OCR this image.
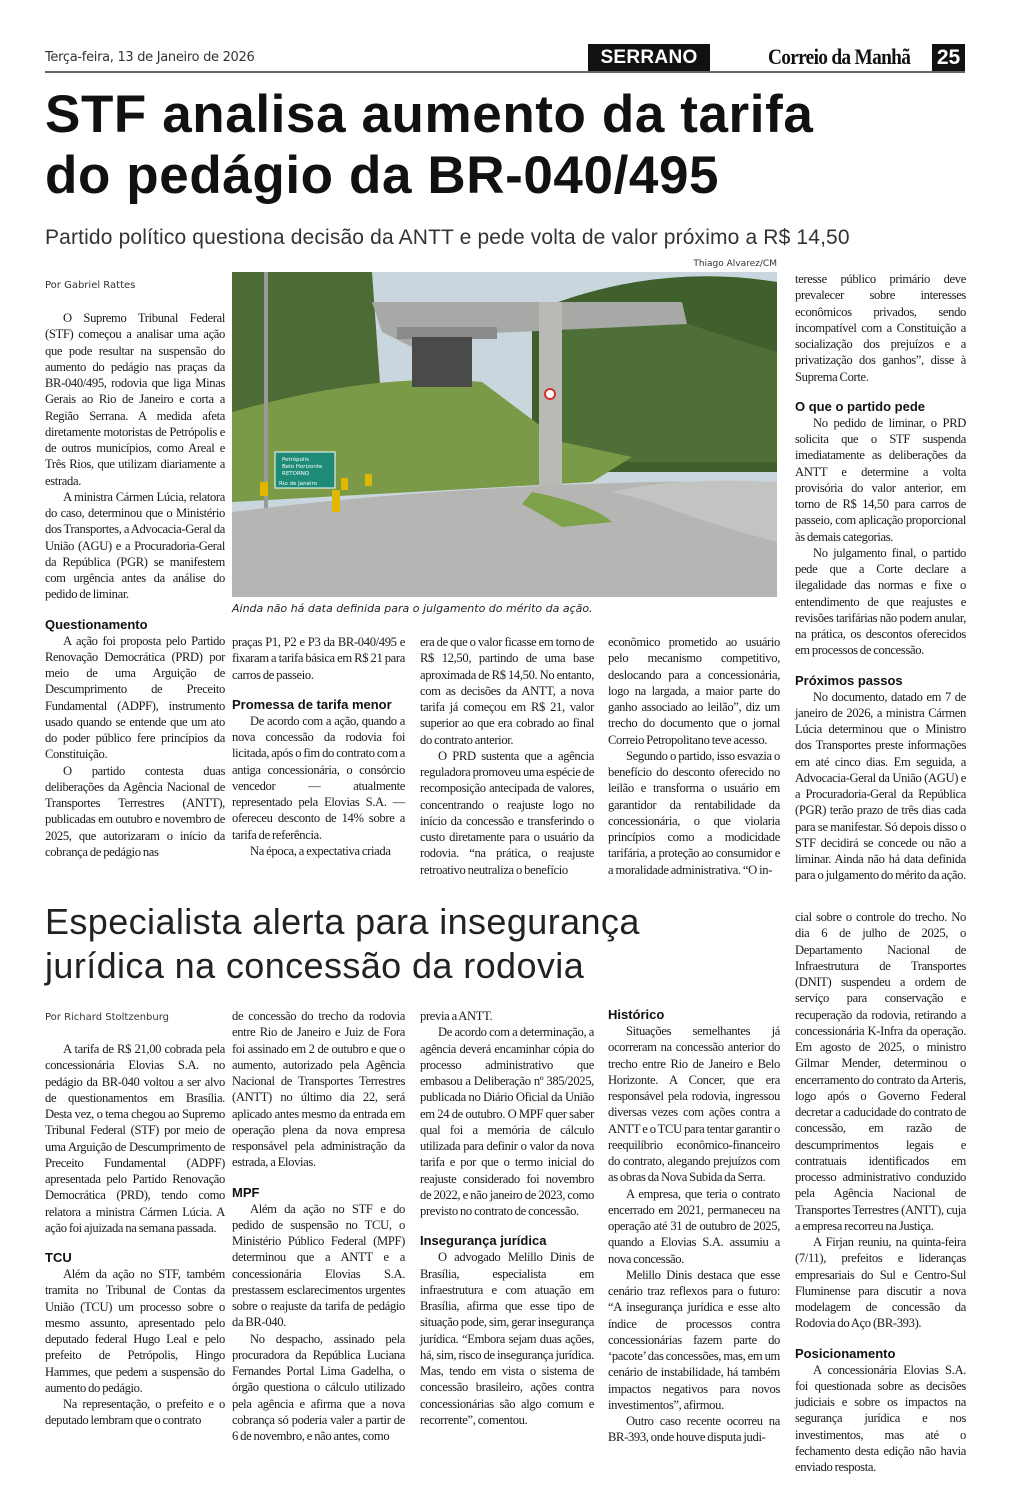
Terça-feira, 13 de Janeiro de 2026	SERRANO	Correio da Manhã 25
STF analisa aumento da tarifa
do pedágio da BR-040/495
Partido político questiona decisão da ANTT e pede volta de valor próximo a R$ 14,50
Por Gabriel Rattes
Thiago Alvarez/CM
Petrópolis
Belo Horizonte
RETORNO
Rio de Janeiro
Ainda não há data definida para o julgamento do mérito da ação.

O Supremo Tribunal Federal (STF) começou a analisar uma ação que pode resultar na suspensão do aumento do pedágio nas praças da BR-040/495, rodovia que liga Minas Gerais ao Rio de Janeiro e corta a Região Serrana. A medida afeta diretamente motoristas de Petrópolis e de outros municípios, como Areal e Três Rios, que utilizam diariamente a estrada.

A ministra Cármen Lúcia, relatora do caso, determinou que o Ministério dos Transportes, a Advocacia-Geral da União (AGU) e a Procuradoria-Geral da República (PGR) se manifestem com urgência antes da análise do pedido de liminar.

Questionamento

A ação foi proposta pelo Partido Renovação Democrática (PRD) por meio de uma Arguição de Descumprimento de Preceito Fundamental (ADPF), instrumento usado quando se entende que um ato do poder público fere princípios da Constituição.

O partido contesta duas deliberações da Agência Nacional de Transportes Terrestres (ANTT), publicadas em outubro e novembro de 2025, que autorizaram o início da cobrança de pedágio nas

praças P1, P2 e P3 da BR-040/495 e fixaram a tarifa básica em R$ 21 para carros de passeio.

Promessa de tarifa menor

De acordo com a ação, quando a nova concessão da rodovia foi licitada, após o fim do contrato com a antiga concessionária, o consórcio vencedor — atualmente representado pela Elovias S.A. — ofereceu desconto de 14% sobre a tarifa de referência.

Na época, a expectativa criada

era de que o valor ficasse em torno de R$ 12,50, partindo de uma base aproximada de R$ 14,50. No entanto, com as decisões da ANTT, a nova tarifa já começou em R$ 21, valor superior ao que era cobrado ao final do contrato anterior.

O PRD sustenta que a agência reguladora promoveu uma espécie de recomposição antecipada de valores, concentrando o reajuste logo no início da concessão e transferindo o custo diretamente para o usuário da rodovia. “na prática, o reajuste retroativo neutraliza o benefício

econômico prometido ao usuário pelo mecanismo competitivo, deslocando para a concessionária, logo na largada, a maior parte do ganho associado ao leilão”, diz um trecho do documento que o jornal Correio Petropolitano teve acesso.

Segundo o partido, isso esvazia o benefício do desconto oferecido no leilão e transforma o usuário em garantidor da rentabilidade da concessionária, o que violaria princípios como a modicidade tarifária, a proteção ao consumidor e a moralidade administrativa. “O in-

teresse público primário deve prevalecer sobre interesses econômicos privados, sendo incompatível com a Constituição a socialização dos prejuízos e a privatização dos ganhos”, disse à Suprema Corte.

O que o partido pede

No pedido de liminar, o PRD solicita que o STF suspenda imediatamente as deliberações da ANTT e determine a volta provisória do valor anterior, em torno de R$ 14,50 para carros de passeio, com aplicação proporcional às demais categorias.

No julgamento final, o partido pede que a Corte declare a ilegalidade das normas e fixe o entendimento de que reajustes e revisões tarifárias não podem anular, na prática, os descontos oferecidos em processos de concessão.

Próximos passos

No documento, datado em 7 de janeiro de 2026, a ministra Cármen Lúcia determinou que o Ministro dos Transportes preste informações em até cinco dias. Em seguida, a Advocacia-Geral da União (AGU) e a Procuradoria-Geral da República (PGR) terão prazo de três dias cada para se manifestar. Só depois disso o STF decidirá se concede ou não a liminar. Ainda não há data definida para o julgamento do mérito da ação.

Especialista alerta para insegurança
jurídica na concessão da rodovia
Por Richard Stoltzenburg

A tarifa de R$ 21,00 cobrada pela concessionária Elovias S.A. no pedágio da BR-040 voltou a ser alvo de questionamentos em Brasília. Desta vez, o tema chegou ao Supremo Tribunal Federal (STF) por meio de uma Arguição de Descumprimento de Preceito Fundamental (ADPF) apresentada pelo Partido Renovação Democrática (PRD), tendo como relatora a ministra Cármen Lúcia. A ação foi ajuizada na semana passada.

TCU

Além da ação no STF, também tramita no Tribunal de Contas da União (TCU) um processo sobre o mesmo assunto, apresentado pelo deputado federal Hugo Leal e pelo prefeito de Petrópolis, Hingo Hammes, que pedem a suspensão do aumento do pedágio.

Na representação, o prefeito e o deputado lembram que o contrato

de concessão do trecho da rodovia entre Rio de Janeiro e Juiz de Fora foi assinado em 2 de outubro e que o aumento, autorizado pela Agência Nacional de Transportes Terrestres (ANTT) no último dia 22, será aplicado antes mesmo da entrada em operação plena da nova empresa responsável pela administração da estrada, a Elovias.

MPF

Além da ação no STF e do pedido de suspensão no TCU, o Ministério Público Federal (MPF) determinou que a ANTT e a concessionária Elovias S.A. prestassem esclarecimentos urgentes sobre o reajuste da tarifa de pedágio da BR-040.

No despacho, assinado pela procuradora da República Luciana Fernandes Portal Lima Gadelha, o órgão questiona o cálculo utilizado pela agência e afirma que a nova cobrança só poderia valer a partir de 6 de novembro, e não antes, como

previa a ANTT.

De acordo com a determinação, a agência deverá encaminhar cópia do processo administrativo que embasou a Deliberação nº 385/2025, publicada no Diário Oficial da União em 24 de outubro. O MPF quer saber qual foi a memória de cálculo utilizada para definir o valor da nova tarifa e por que o termo inicial do reajuste considerado foi novembro de 2022, e não janeiro de 2023, como previsto no contrato de concessão.

Insegurança jurídica

O advogado Melillo Dinis de Brasília, especialista em infraestrutura e com atuação em Brasília, afirma que esse tipo de situação pode, sim, gerar insegurança jurídica. “Embora sejam duas ações, há, sim, risco de insegurança jurídica. Mas, tendo em vista o sistema de concessão brasileiro, ações contra concessionárias são algo comum e recorrente”, comentou.

Histórico

Situações semelhantes já ocorreram na concessão anterior do trecho entre Rio de Janeiro e Belo Horizonte. A Concer, que era responsável pela rodovia, ingressou diversas vezes com ações contra a ANTT e o TCU para tentar garantir o reequilíbrio econômico-financeiro do contrato, alegando prejuízos com as obras da Nova Subida da Serra.

A empresa, que teria o contrato encerrado em 2021, permaneceu na operação até 31 de outubro de 2025, quando a Elovias S.A. assumiu a nova concessão.

Melillo Dinis destaca que esse cenário traz reflexos para o futuro: “A insegurança jurídica e esse alto índice de processos contra concessionárias fazem parte do ‘pacote’ das concessões, mas, em um cenário de instabilidade, há também impactos negativos para novos investimentos”, afirmou.

Outro caso recente ocorreu na BR-393, onde houve disputa judi-

cial sobre o controle do trecho. No dia 6 de julho de 2025, o Departamento Nacional de Infraestrutura de Transportes (DNIT) suspendeu a ordem de serviço para conservação e recuperação da rodovia, retirando a concessionária K-Infra da operação. Em agosto de 2025, o ministro Gilmar Mender, determinou o encerramento do contrato da Arteris, logo após o Governo Federal decretar a caducidade do contrato de concessão, em razão de descumprimentos legais e contratuais identificados em processo administrativo conduzido pela Agência Nacional de Transportes Terrestres (ANTT), cuja a empresa recorreu na Justiça.

A Firjan reuniu, na quinta-feira (7/11), prefeitos e lideranças empresariais do Sul e Centro-Sul Fluminense para discutir a nova modelagem de concessão da Rodovia do Aço (BR-393).

Posicionamento

A concessionária Elovias S.A. foi questionada sobre as decisões judiciais e sobre os impactos na segurança jurídica e nos investimentos, mas até o fechamento desta edição não havia enviado resposta.
